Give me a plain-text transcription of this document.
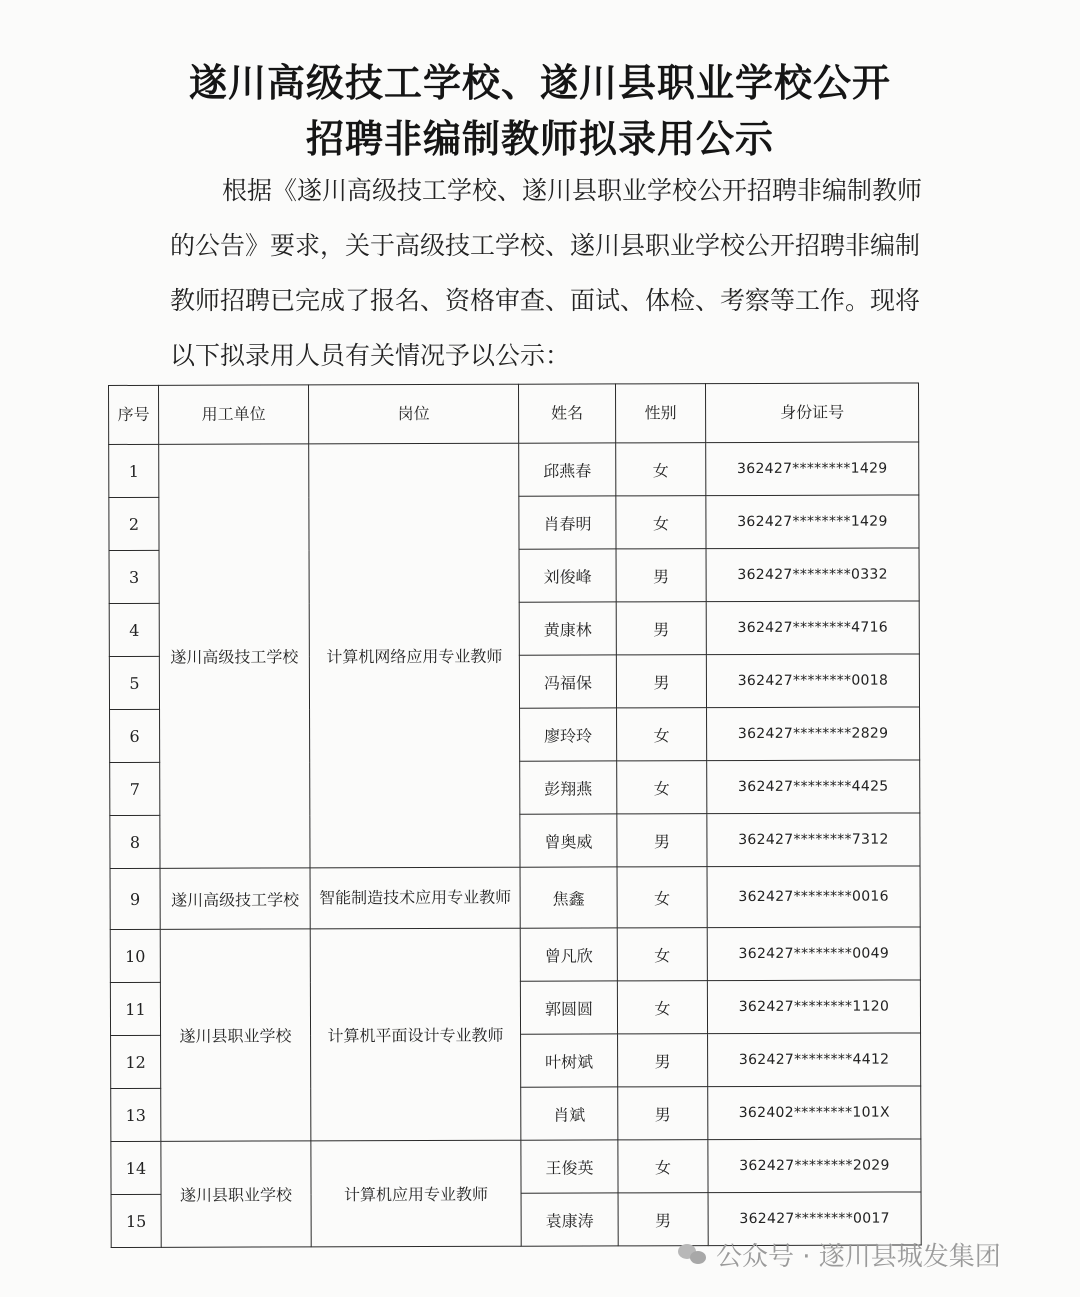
遂川高级技工学校、遂川县职业学校公开
招聘非编制教师拟录用公示

根据《遂川高级技工学校、遂川县职业学校公开招聘非编制教师

的公告》要求，关于高级技工学校、遂川县职业学校公开招聘非编制

教师招聘已完成了报名、资格审查、面试、体检、考察等工作。现将

以下拟录用人员有关情况予以公示：

序号	用工单位	岗位	姓名	性别	身份证号
1	遂川高级技工学校	计算机网络应用专业教师	邱燕春	女	362427********1429
2			肖春明	女	362427********1429
3			刘俊峰	男	362427********0332
4			黄康林	男	362427********4716
5			冯福保	男	362427********0018
6			廖玲玲	女	362427********2829
7			彭翔燕	女	362427********4425
8			曾奥威	男	362427********7312
9	遂川高级技工学校	智能制造技术应用专业教师	焦鑫	女	362427********0016
10	遂川县职业学校	计算机平面设计专业教师	曾凡欣	女	362427********0049
11			郭圆圆	女	362427********1120
12			叶树斌	男	362427********4412
13			肖斌	男	362402********101X
14	遂川县职业学校	计算机应用专业教师	王俊英	女	362427********2029
15			袁康涛	男	362427********0017
公众号 · 遂川县城发集团
